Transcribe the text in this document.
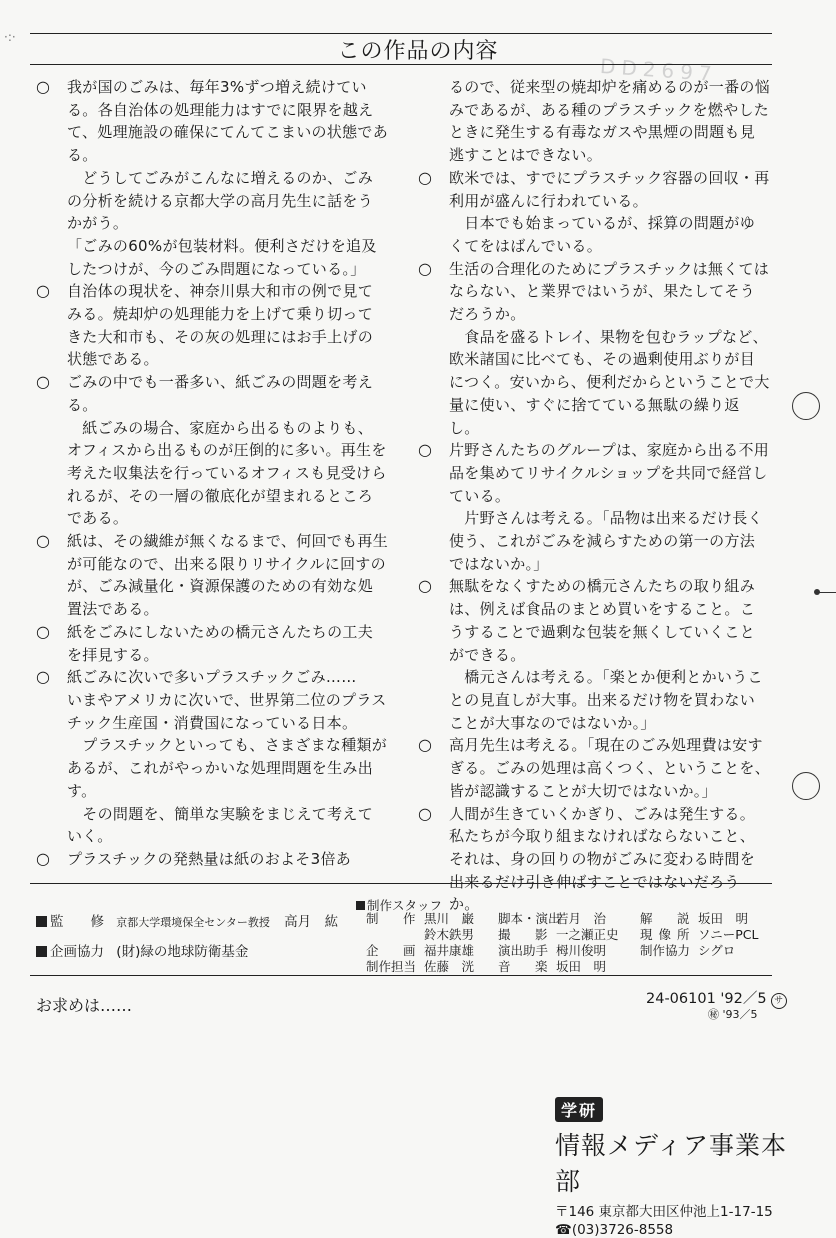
·:·
この作品の内容
DD2697

○ 我が国のごみは、毎年3%ずつ増え続けている。各自治体の処理能力はすでに限界を越えて、処理施設の確保にてんてこまいの状態である。

　どうしてごみがこんなに増えるのか、ごみの分析を続ける京都大学の高月先生に話をうかがう。

「ごみの60%が包装材料。便利さだけを追及したつけが、今のごみ問題になっている。」

○ 自治体の現状を、神奈川県大和市の例で見てみる。焼却炉の処理能力を上げて乗り切ってきた大和市も、その灰の処理にはお手上げの状態である。

○ ごみの中でも一番多い、紙ごみの問題を考える。

　紙ごみの場合、家庭から出るものよりも、オフィスから出るものが圧倒的に多い。再生を考えた収集法を行っているオフィスも見受けられるが、その一層の徹底化が望まれるところである。

○ 紙は、その繊維が無くなるまで、何回でも再生が可能なので、出来る限りリサイクルに回すのが、ごみ減量化・資源保護のための有効な処置法である。

○ 紙をごみにしないための橋元さんたちの工夫を拝見する。

○ 紙ごみに次いで多いプラスチックごみ……

いまやアメリカに次いで、世界第二位のプラスチック生産国・消費国になっている日本。

　プラスチックといっても、さまざまな種類があるが、これがやっかいな処理問題を生み出す。

　その問題を、簡単な実験をまじえて考えていく。

○ プラスチックの発熱量は紙のおよそ3倍あ

るので、従来型の焼却炉を痛めるのが一番の悩みであるが、ある種のプラスチックを燃やしたときに発生する有毒なガスや黒煙の問題も見逃すことはできない。

○ 欧米では、すでにプラスチック容器の回収・再利用が盛んに行われている。

　日本でも始まっているが、採算の問題がゆくてをはばんでいる。

○ 生活の合理化のためにプラスチックは無くてはならない、と業界ではいうが、果たしてそうだろうか。

　食品を盛るトレイ、果物を包むラップなど、欧米諸国に比べても、その過剰使用ぶりが目につく。安いから、便利だからということで大量に使い、すぐに捨てている無駄の繰り返し。

○ 片野さんたちのグループは、家庭から出る不用品を集めてリサイクルショップを共同で経営している。

　片野さんは考える。「品物は出来るだけ長く使う、これがごみを減らすための第一の方法ではないか。」

○ 無駄をなくすための橋元さんたちの取り組みは、例えば食品のまとめ買いをすること。こうすることで過剰な包装を無くしていくことができる。

　橋元さんは考える。「楽とか便利とかいうことの見直しが大事。出来るだけ物を買わないことが大事なのではないか。」

○ 高月先生は考える。「現在のごみ処理費は安すぎる。ごみの処理は高くつく、ということを、皆が認識することが大切ではないか。」

○ 人間が生きていくかぎり、ごみは発生する。私たちが今取り組まなければならないこと、それは、身の回りの物がごみに変わる時間を出来るだけ引き伸ばすことではないだろうか。

監　　修 京都大学環境保全センター教授 高月　紘
企画協力 (財)緑の地球防衛基金
制作スタッフ
制　作 黒川　巌
鈴木鉄男
企　画 福井康雄
制作担当 佐藤　洸
脚本・演出若月　治
撮　影 一之瀬正史
演出助手 栂川俊明
音　楽 坂田　明
解　説 坂田　明
現像所 ソニーPCL
制作協力 シグロ
お求めは……	24-06101 '92／5 サ
㊙ '93／5
学研
情報メディア事業本部
〒146 東京都大田区仲池上1-17-15
☎(03)3726-8558
